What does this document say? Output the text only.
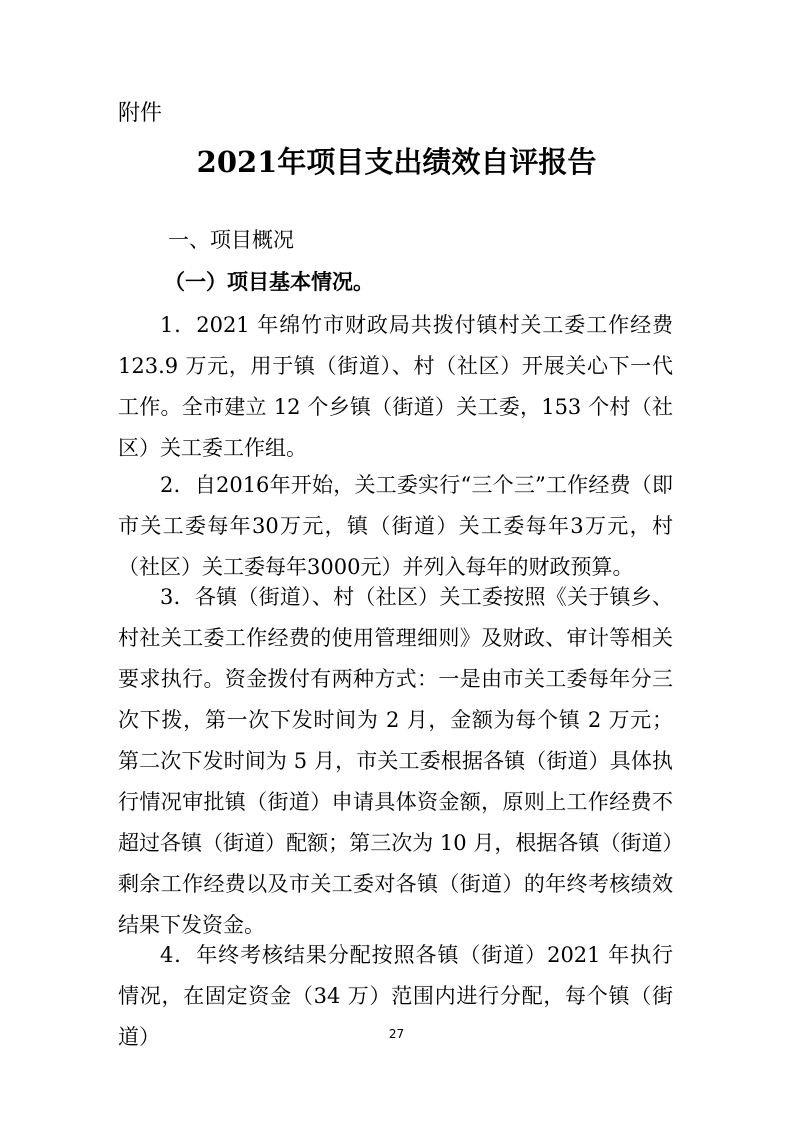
附件
2021年项目支出绩效自评报告
一、项目概况
（一）项目基本情况。

1．2021 年绵竹市财政局共拨付镇村关工委工作经费123.9 万元，用于镇（街道）、村（社区）开展关心下一代工作。全市建立 12 个乡镇（街道）关工委，153 个村（社区）关工委工作组。

2．自2016年开始，关工委实行“三个三”工作经费（即市关工委每年30万元，镇（街道）关工委每年3万元，村（社区）关工委每年3000元）并列入每年的财政预算。

3．各镇（街道）、村（社区）关工委按照《关于镇乡、村社关工委工作经费的使用管理细则》及财政、审计等相关要求执行。资金拨付有两种方式：一是由市关工委每年分三次下拨，第一次下发时间为 2 月，金额为每个镇 2 万元；第二次下发时间为 5 月，市关工委根据各镇（街道）具体执行情况审批镇（街道）申请具体资金额，原则上工作经费不超过各镇（街道）配额；第三次为 10 月，根据各镇（街道）剩余工作经费以及市关工委对各镇（街道）的年终考核绩效结果下发资金。

4．年终考核结果分配按照各镇（街道）2021 年执行情况，在固定资金（34 万）范围内进行分配，每个镇（街道）	27
